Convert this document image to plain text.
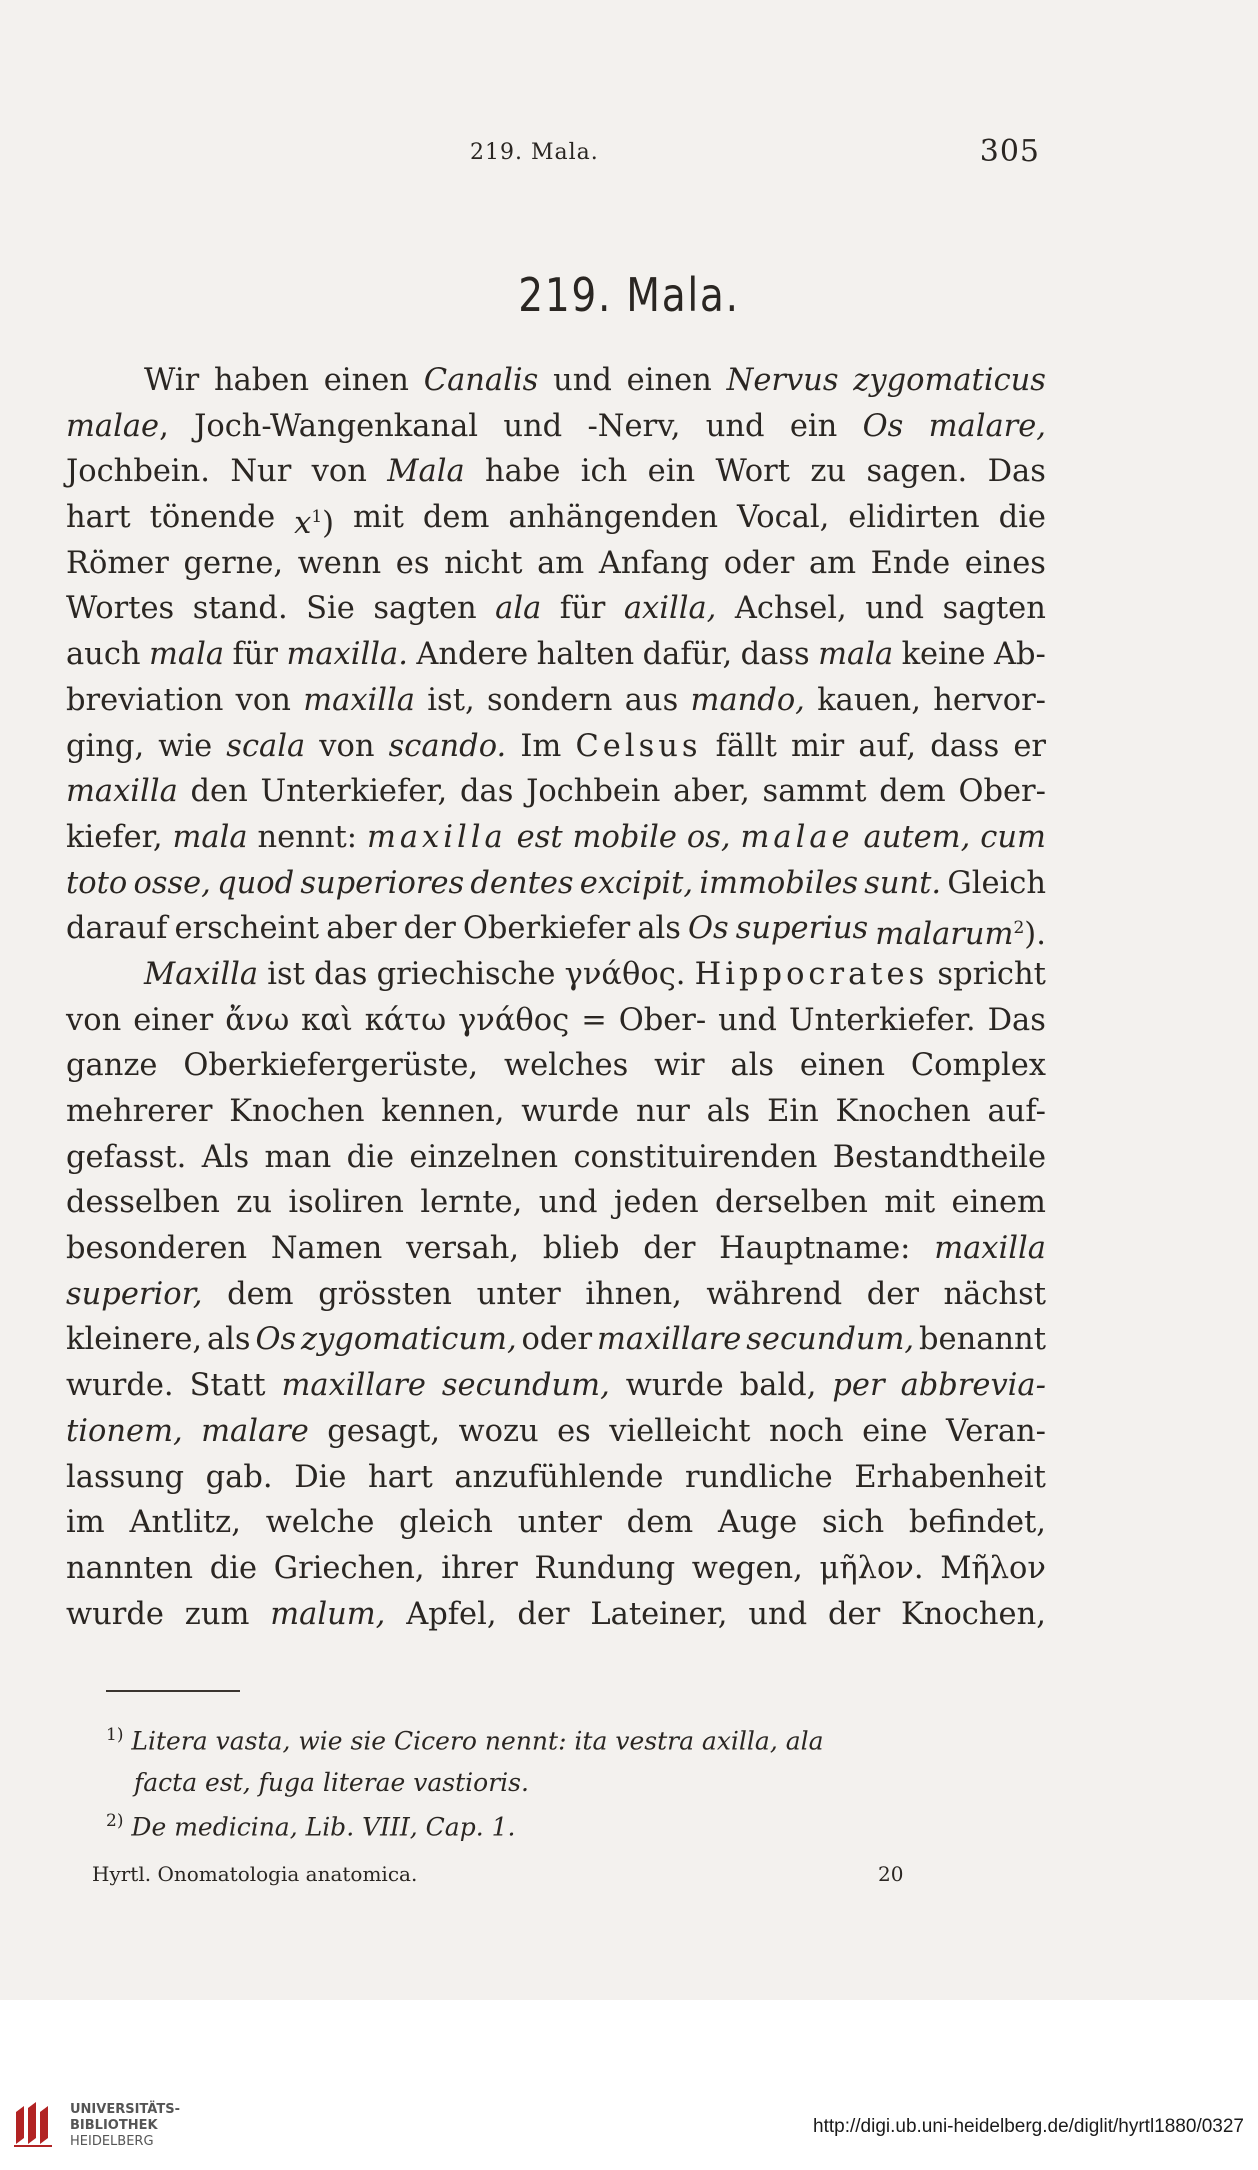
219. Mala.	305
219. Mala.
Wir haben einen Canalis und einen Nervus zygomaticus
malae, Joch-Wangenkanal und -Nerv, und ein Os malare,
Jochbein. Nur von Mala habe ich ein Wort zu sagen. Das
hart tönende $x^1$) mit dem anhängenden Vocal, elidirten die
Römer gerne, wenn es nicht am Anfang oder am Ende eines
Wortes stand. Sie sagten ala für axilla, Achsel, und sagten
auch mala für maxilla. Andere halten dafür, dass mala keine Ab-
breviation von maxilla ist, sondern aus mando, kauen, hervor-
ging, wie scala von scando. Im Celsus fällt mir auf, dass er
maxilla den Unterkiefer, das Jochbein aber, sammt dem Ober-
kiefer, mala nennt: maxilla est mobile os, malae autem, cum
toto osse, quod superiores dentes excipit, immobiles sunt. Gleich
darauf erscheint aber der Oberkiefer als Os superius malarum$^2$).
Maxilla ist das griechische γνάθος. Hippocrates spricht
von einer ἄνω καὶ κάτω γνάθος = Ober- und Unterkiefer. Das
ganze Oberkiefergerüste, welches wir als einen Complex
mehrerer Knochen kennen, wurde nur als Ein Knochen auf-
gefasst. Als man die einzelnen constituirenden Bestandtheile
desselben zu isoliren lernte, und jeden derselben mit einem
besonderen Namen versah, blieb der Hauptname: maxilla
superior, dem grössten unter ihnen, während der nächst
kleinere, als Os zygomaticum, oder maxillare secundum, benannt
wurde. Statt maxillare secundum, wurde bald, per abbrevia-
tionem, malare gesagt, wozu es vielleicht noch eine Veran-
lassung gab. Die hart anzufühlende rundliche Erhabenheit
im Antlitz, welche gleich unter dem Auge sich befindet,
nannten die Griechen, ihrer Rundung wegen, μῆλον. Μῆλον
wurde zum malum, Apfel, der Lateiner, und der Knochen,
$^{1)}$ Litera vasta, wie sie Cicero nennt: ita vestra axilla, ala
facta est, fuga literae vastioris.
$^{2)}$ De medicina, Lib. VIII, Cap. 1.
Hyrtl. Onomatologia anatomica.	20
UNIVERSITÄTS-
BIBLIOTHEK
HEIDELBERG
http://digi.ub.uni-heidelberg.de/diglit/hyrtl1880/0327
